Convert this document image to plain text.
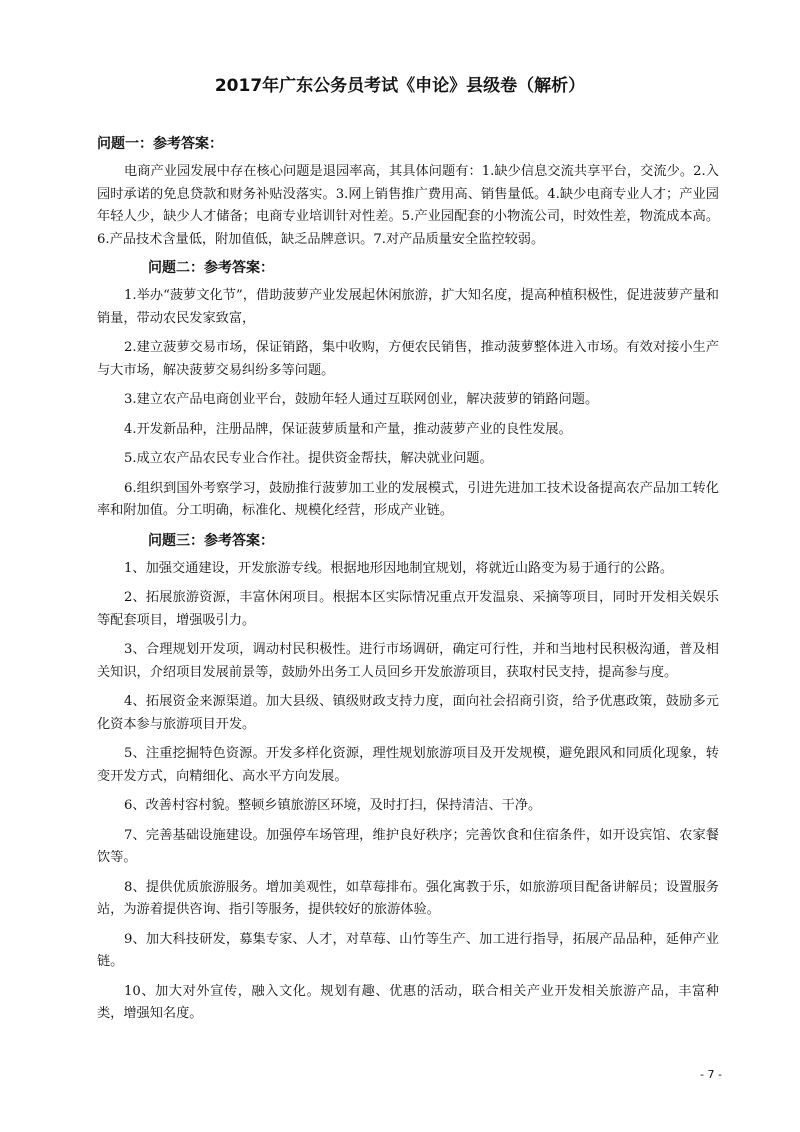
2017年广东公务员考试《申论》县级卷（解析）
问题一：参考答案：

电商产业园发展中存在核心问题是退园率高，其具体问题有：1.缺少信息交流共享平台，交流少。2.入园时承诺的免息贷款和财务补贴没落实。3.网上销售推广费用高、销售量低。4.缺少电商专业人才；产业园年轻人少，缺少人才储备；电商专业培训针对性差。5.产业园配套的小物流公司，时效性差，物流成本高。6.产品技术含量低，附加值低，缺乏品牌意识。7.对产品质量安全监控较弱。

问题二：参考答案：

1.举办“菠萝文化节”，借助菠萝产业发展起休闲旅游，扩大知名度，提高种植积极性，促进菠萝产量和销量，带动农民发家致富，

2.建立菠萝交易市场，保证销路，集中收购，方便农民销售，推动菠萝整体进入市场。有效对接小生产与大市场，解决菠萝交易纠纷多等问题。

3.建立农产品电商创业平台，鼓励年轻人通过互联网创业，解决菠萝的销路问题。

4.开发新品种，注册品牌，保证菠萝质量和产量，推动菠萝产业的良性发展。

5.成立农产品农民专业合作社。提供资金帮扶，解决就业问题。

6.组织到国外考察学习，鼓励推行菠萝加工业的发展模式，引进先进加工技术设备提高农产品加工转化率和附加值。分工明确，标准化、规模化经营，形成产业链。

问题三：参考答案：

1、加强交通建设，开发旅游专线。根据地形因地制宜规划，将就近山路变为易于通行的公路。

2、拓展旅游资源，丰富休闲项目。根据本区实际情况重点开发温泉、采摘等项目，同时开发相关娱乐等配套项目，增强吸引力。

3、合理规划开发项，调动村民积极性。进行市场调研，确定可行性，并和当地村民积极沟通，普及相关知识，介绍项目发展前景等，鼓励外出务工人员回乡开发旅游项目，获取村民支持，提高参与度。

4、拓展资金来源渠道。加大县级、镇级财政支持力度，面向社会招商引资，给予优惠政策，鼓励多元化资本参与旅游项目开发。

5、注重挖掘特色资源。开发多样化资源，理性规划旅游项目及开发规模，避免跟风和同质化现象，转变开发方式，向精细化、高水平方向发展。

6、改善村容村貌。整顿乡镇旅游区环境，及时打扫，保持清洁、干净。

7、完善基础设施建设。加强停车场管理，维护良好秩序；完善饮食和住宿条件，如开设宾馆、农家餐饮等。

8、提供优质旅游服务。增加美观性，如草莓排布。强化寓教于乐，如旅游项目配备讲解员；设置服务站，为游着提供咨询、指引等服务，提供较好的旅游体验。

9、加大科技研发，募集专家、人才，对草莓、山竹等生产、加工进行指导，拓展产品品种，延伸产业链。

10、加大对外宣传，融入文化。规划有趣、优惠的活动，联合相关产业开发相关旅游产品，丰富种类，增强知名度。

- 7 -
